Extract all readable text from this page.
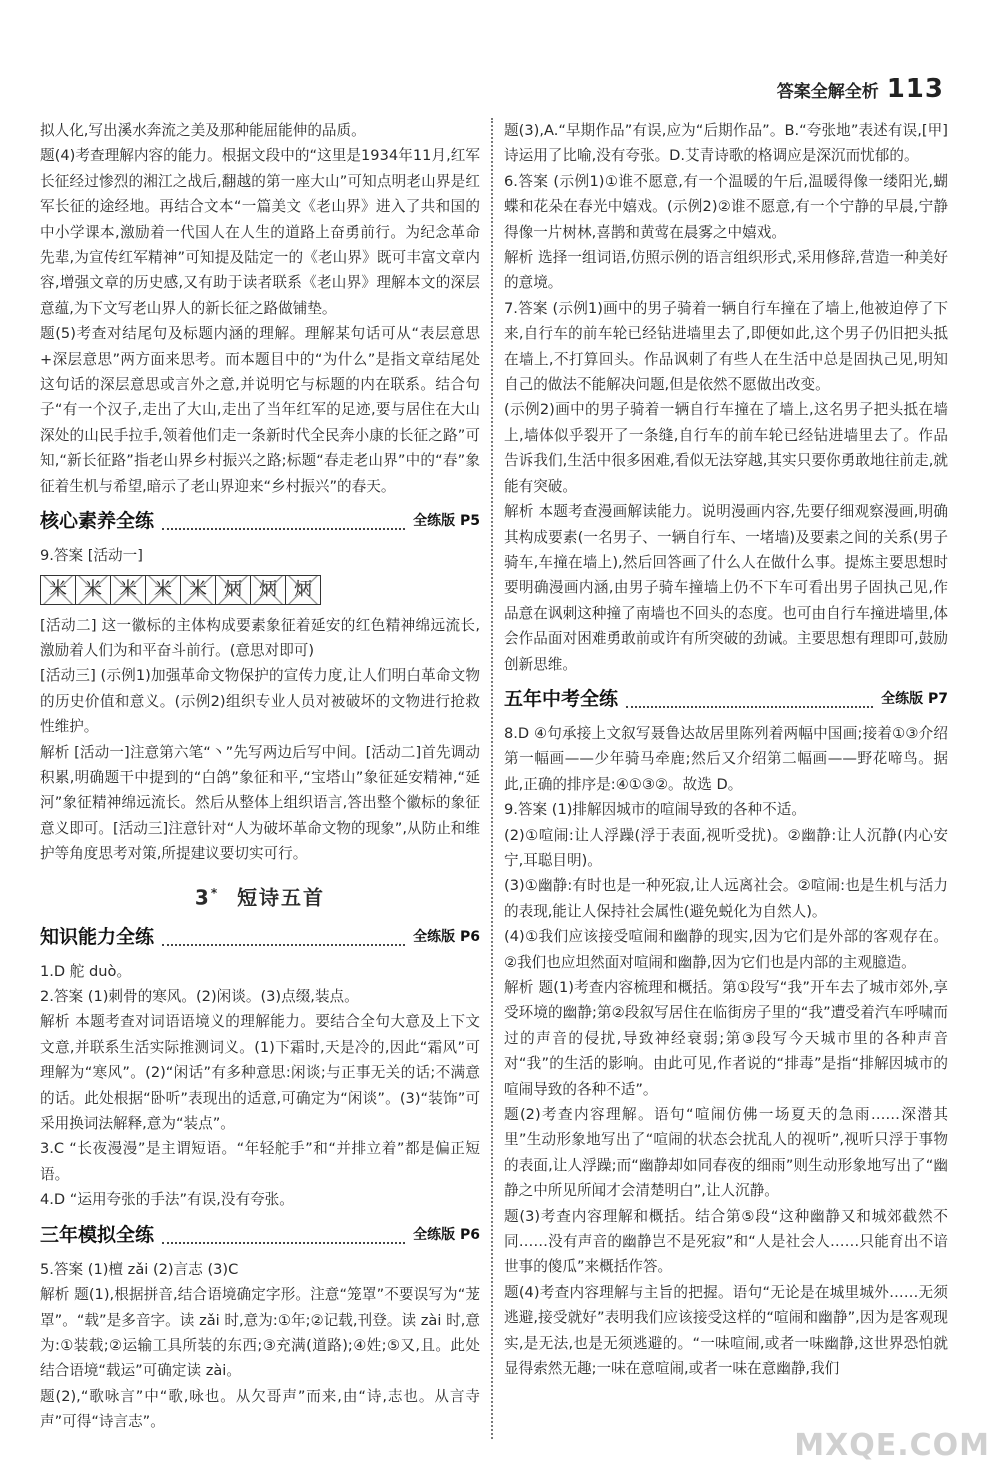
答案全解全析 113

拟人化,写出溪水奔流之美及那种能屈能伸的品质。

题(4)考查理解内容的能力。根据文段中的“这里是1934年11月,红军长征经过惨烈的湘江之战后,翻越的第一座大山”可知点明老山界是红军长征的途经地。再结合文本“一篇美文《老山界》进入了共和国的中小学课本,激励着一代国人在人生的道路上奋勇前行。为纪念革命先辈,为宣传红军精神”可知提及陆定一的《老山界》既可丰富文章内容,增强文章的历史感,又有助于读者联系《老山界》理解本文的深层意蕴,为下文写老山界人的新长征之路做铺垫。

题(5)考查对结尾句及标题内涵的理解。理解某句话可从“表层意思+深层意思”两方面来思考。而本题目中的“为什么”是指文章结尾处这句话的深层意思或言外之意,并说明它与标题的内在联系。结合句子“有一个汉子,走出了大山,走出了当年红军的足迹,要与居住在大山深处的山民手拉手,领着他们走一条新时代全民奔小康的长征之路”可知,“新长征路”指老山界乡村振兴之路;标题“春走老山界”中的“春”象征着生机与希望,暗示了老山界迎来“乡村振兴”的春天。

核心素养全练	全练版 P5

9.答案 [活动一]

米 米 米 米 米 炳 炳 炳

[活动二] 这一徽标的主体构成要素象征着延安的红色精神绵远流长,激励着人们为和平奋斗前行。(意思对即可)

[活动三] (示例1)加强革命文物保护的宣传力度,让人们明白革命文物的历史价值和意义。(示例2)组织专业人员对被破坏的文物进行抢救性维护。

解析 [活动一]注意第六笔“丶”先写两边后写中间。[活动二]首先调动积累,明确题干中提到的“白鸽”象征和平,“宝塔山”象征延安精神,“延河”象征精神绵远流长。然后从整体上组织语言,答出整个徽标的象征意义即可。[活动三]注意针对“人为破坏革命文物的现象”,从防止和维护等角度思考对策,所提建议要切实可行。

3* 短诗五首
知识能力全练	全练版 P6

1.D 舵 duò。

2.答案 (1)刺骨的寒风。(2)闲谈。(3)点缀,装点。

解析 本题考查对词语语境义的理解能力。要结合全句大意及上下文文意,并联系生活实际推测词义。(1)下霜时,天是冷的,因此“霜风”可理解为“寒风”。(2)“闲话”有多种意思:闲谈;与正事无关的话;不满意的话。此处根据“卧听”表现出的适意,可确定为“闲谈”。(3)“装饰”可采用换词法解释,意为“装点”。

3.C “长夜漫漫”是主谓短语。“年轻舵手”和“并排立着”都是偏正短语。

4.D “运用夸张的手法”有误,没有夸张。

三年模拟全练	全练版 P6

5.答案 (1)檀 zǎi (2)言志 (3)C

解析 题(1),根据拼音,结合语境确定字形。注意“笼罩”不要误写为“茏罩”。“载”是多音字。读 zǎi 时,意为:①年;②记载,刊登。读 zài 时,意为:①装载;②运输工具所装的东西;③充满(道路);④姓;⑤又,且。此处结合语境“载运”可确定读 zài。

题(2),“歌咏言”中“歌,咏也。从欠哥声”而来,由“诗,志也。从言寺声”可得“诗言志”。

题(3),A.“早期作品”有误,应为“后期作品”。B.“夸张地”表述有误,[甲]诗运用了比喻,没有夸张。D.艾青诗歌的格调应是深沉而忧郁的。

6.答案 (示例1)①谁不愿意,有一个温暖的午后,温暖得像一缕阳光,蝴蝶和花朵在春光中嬉戏。(示例2)②谁不愿意,有一个宁静的早晨,宁静得像一片树林,喜鹊和黄莺在晨雾之中嬉戏。

解析 选择一组词语,仿照示例的语言组织形式,采用修辞,营造一种美好的意境。

7.答案 (示例1)画中的男子骑着一辆自行车撞在了墙上,他被迫停了下来,自行车的前车轮已经钻进墙里去了,即便如此,这个男子仍旧把头抵在墙上,不打算回头。作品讽刺了有些人在生活中总是固执己见,明知自己的做法不能解决问题,但是依然不愿做出改变。

(示例2)画中的男子骑着一辆自行车撞在了墙上,这名男子把头抵在墙上,墙体似乎裂开了一条缝,自行车的前车轮已经钻进墙里去了。作品告诉我们,生活中很多困难,看似无法穿越,其实只要你勇敢地往前走,就能有突破。

解析 本题考查漫画解读能力。说明漫画内容,先要仔细观察漫画,明确其构成要素(一名男子、一辆自行车、一堵墙)及要素之间的关系(男子骑车,车撞在墙上),然后回答画了什么人在做什么事。提炼主要思想时要明确漫画内涵,由男子骑车撞墙上仍不下车可看出男子固执己见,作品意在讽刺这种撞了南墙也不回头的态度。也可由自行车撞进墙里,体会作品面对困难勇敢前或许有所突破的劲诫。主要思想有理即可,鼓励创新思维。

五年中考全练	全练版 P7

8.D ④句承接上文叙写聂鲁达故居里陈列着两幅中国画;接着①③介绍第一幅画——少年骑马牵鹿;然后又介绍第二幅画——野花啼鸟。据此,正确的排序是:④①③②。故选 D。

9.答案 (1)排解因城市的喧闹导致的各种不适。

(2)①喧闹:让人浮躁(浮于表面,视听受扰)。②幽静:让人沉静(内心安宁,耳聪目明)。

(3)①幽静:有时也是一种死寂,让人远离社会。②喧闹:也是生机与活力的表现,能让人保持社会属性(避免蜕化为自然人)。

(4)①我们应该接受喧闹和幽静的现实,因为它们是外部的客观存在。②我们也应坦然面对喧闹和幽静,因为它们也是内部的主观臆造。

解析 题(1)考查内容梳理和概括。第①段写“我”开车去了城市郊外,享受环境的幽静;第②段叙写居住在临街房子里的“我”遭受着汽车呼啸而过的声音的侵扰,导致神经衰弱;第③段写今天城市里的各种声音对“我”的生活的影响。由此可见,作者说的“排毒”是指“排解因城市的喧闹导致的各种不适”。

题(2)考查内容理解。语句“喧闹仿佛一场夏天的急雨……深潜其里”生动形象地写出了“喧闹的状态会扰乱人的视听”,视听只浮于事物的表面,让人浮躁;而“幽静却如同春夜的细雨”则生动形象地写出了“幽静之中所见所闻才会清楚明白”,让人沉静。

题(3)考查内容理解和概括。结合第⑤段“这种幽静又和城郊截然不同……没有声音的幽静岂不是死寂”和“人是社会人……只能育出不谙世事的傻瓜”来概括作答。

题(4)考查内容理解与主旨的把握。语句“无论是在城里城外……无须逃避,接受就好”表明我们应该接受这样的“喧闹和幽静”,因为是客观现实,是无法,也是无须逃避的。“一味喧闹,或者一味幽静,这世界恐怕就显得索然无趣;一味在意喧闹,或者一味在意幽静,我们

MXQE.COM
